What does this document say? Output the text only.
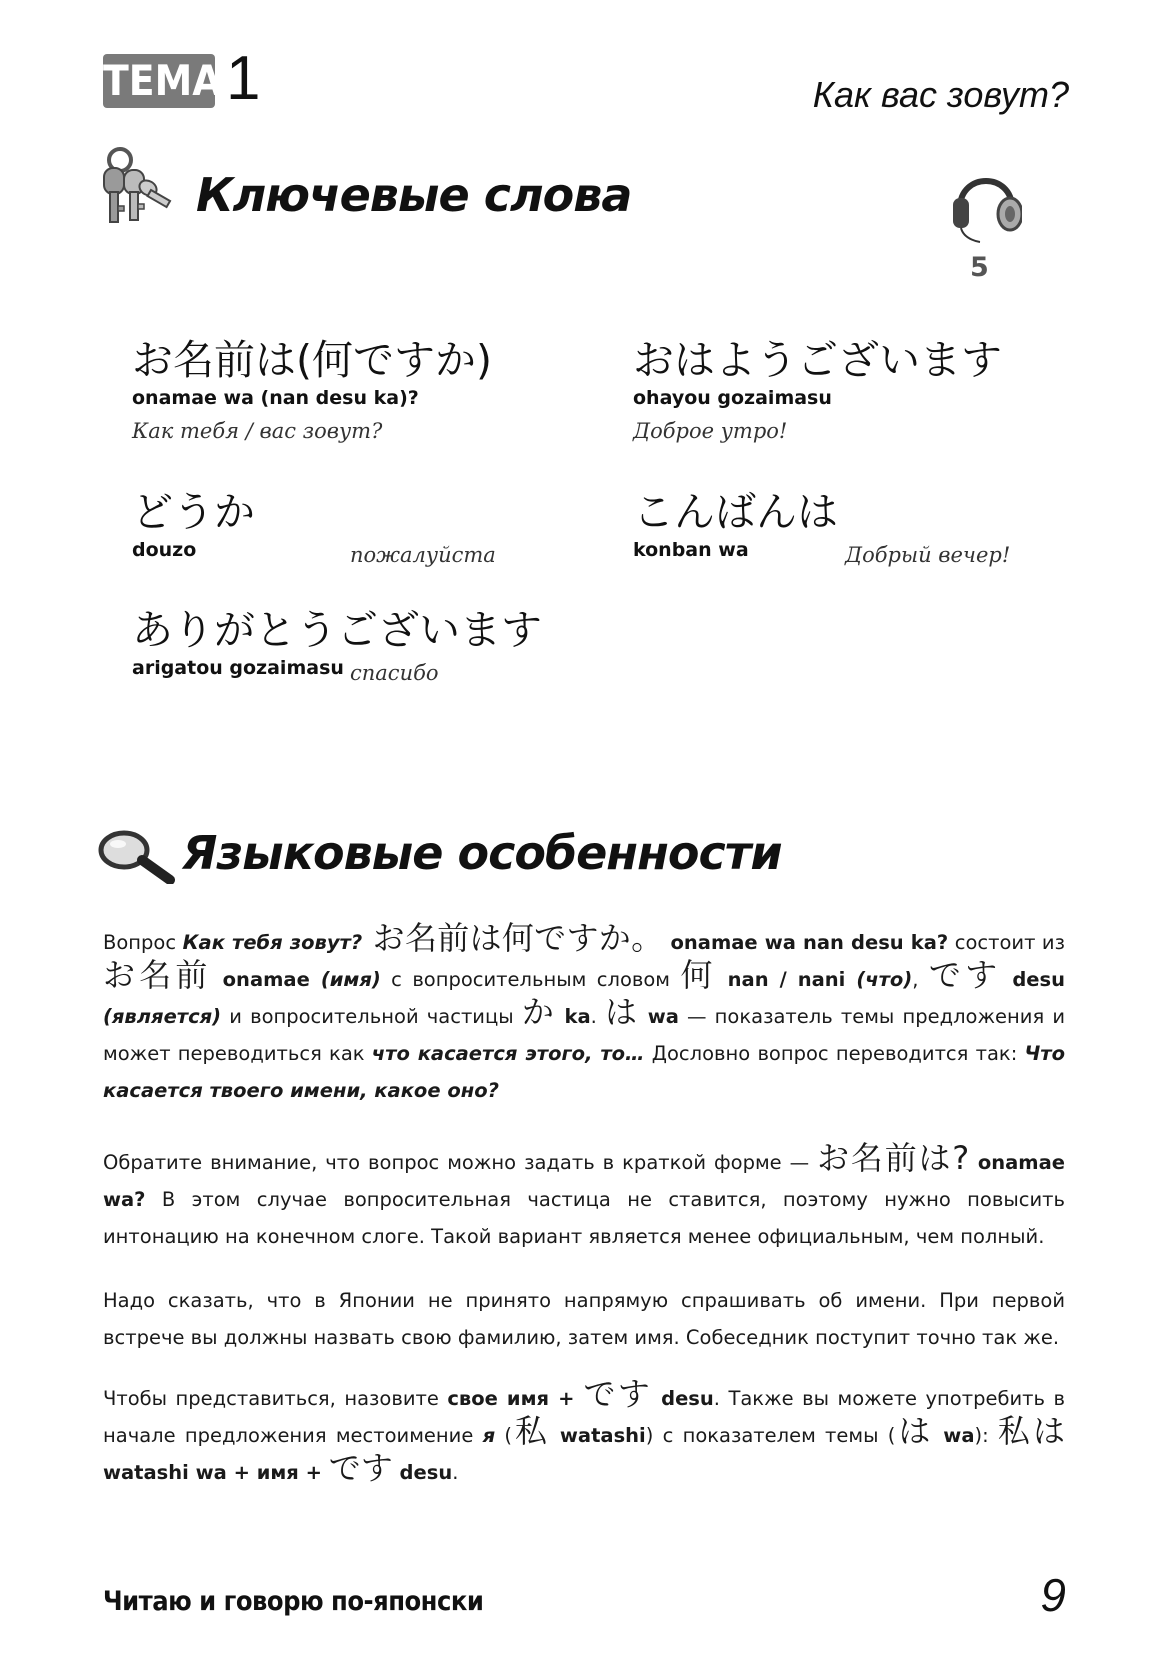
ТЕМА 1	Как вас зовут?
Ключевые слова
5
お名前は(何ですか)
onamae wa (nan desu ka)?
Как тебя / вас зовут?
おはようございます
ohayou gozaimasu
Доброе утро!
どうか
douzo	пожалуйста
こんばんは
konban wa	Добрый вечер!
ありがとうございます
arigatou gozaimasu спасибо
Языковые особенности
Вопрос Как тебя зовут? お名前は何ですか。 onamae wa nan desu ka? состоит из お名前 onamae (имя) с вопросительным словом 何 nan / nani (что), です desu (является) и вопросительной частицы か ka. は wa — показатель темы предложения и может переводиться как что касается этого, то… Дословно вопрос переводится так: Что касается твоего имени, какое оно?
Обратите внимание, что вопрос можно задать в краткой форме — お名前は? onamae wa? В этом случае вопросительная частица не ставится, поэтому нужно повысить интонацию на конечном слоге. Такой вариант является менее официальным, чем полный.
Надо сказать, что в Японии не принято напрямую спрашивать об имени. При первой встрече вы должны назвать свою фамилию, затем имя. Собеседник поступит точно так же.
Чтобы представиться, назовите свое имя + です desu. Также вы можете употребить в начале предложения местоимение я (私 watashi) с показателем темы (は wa): 私は watashi wa + имя + です desu.
Читаю и говорю по-японски	9
